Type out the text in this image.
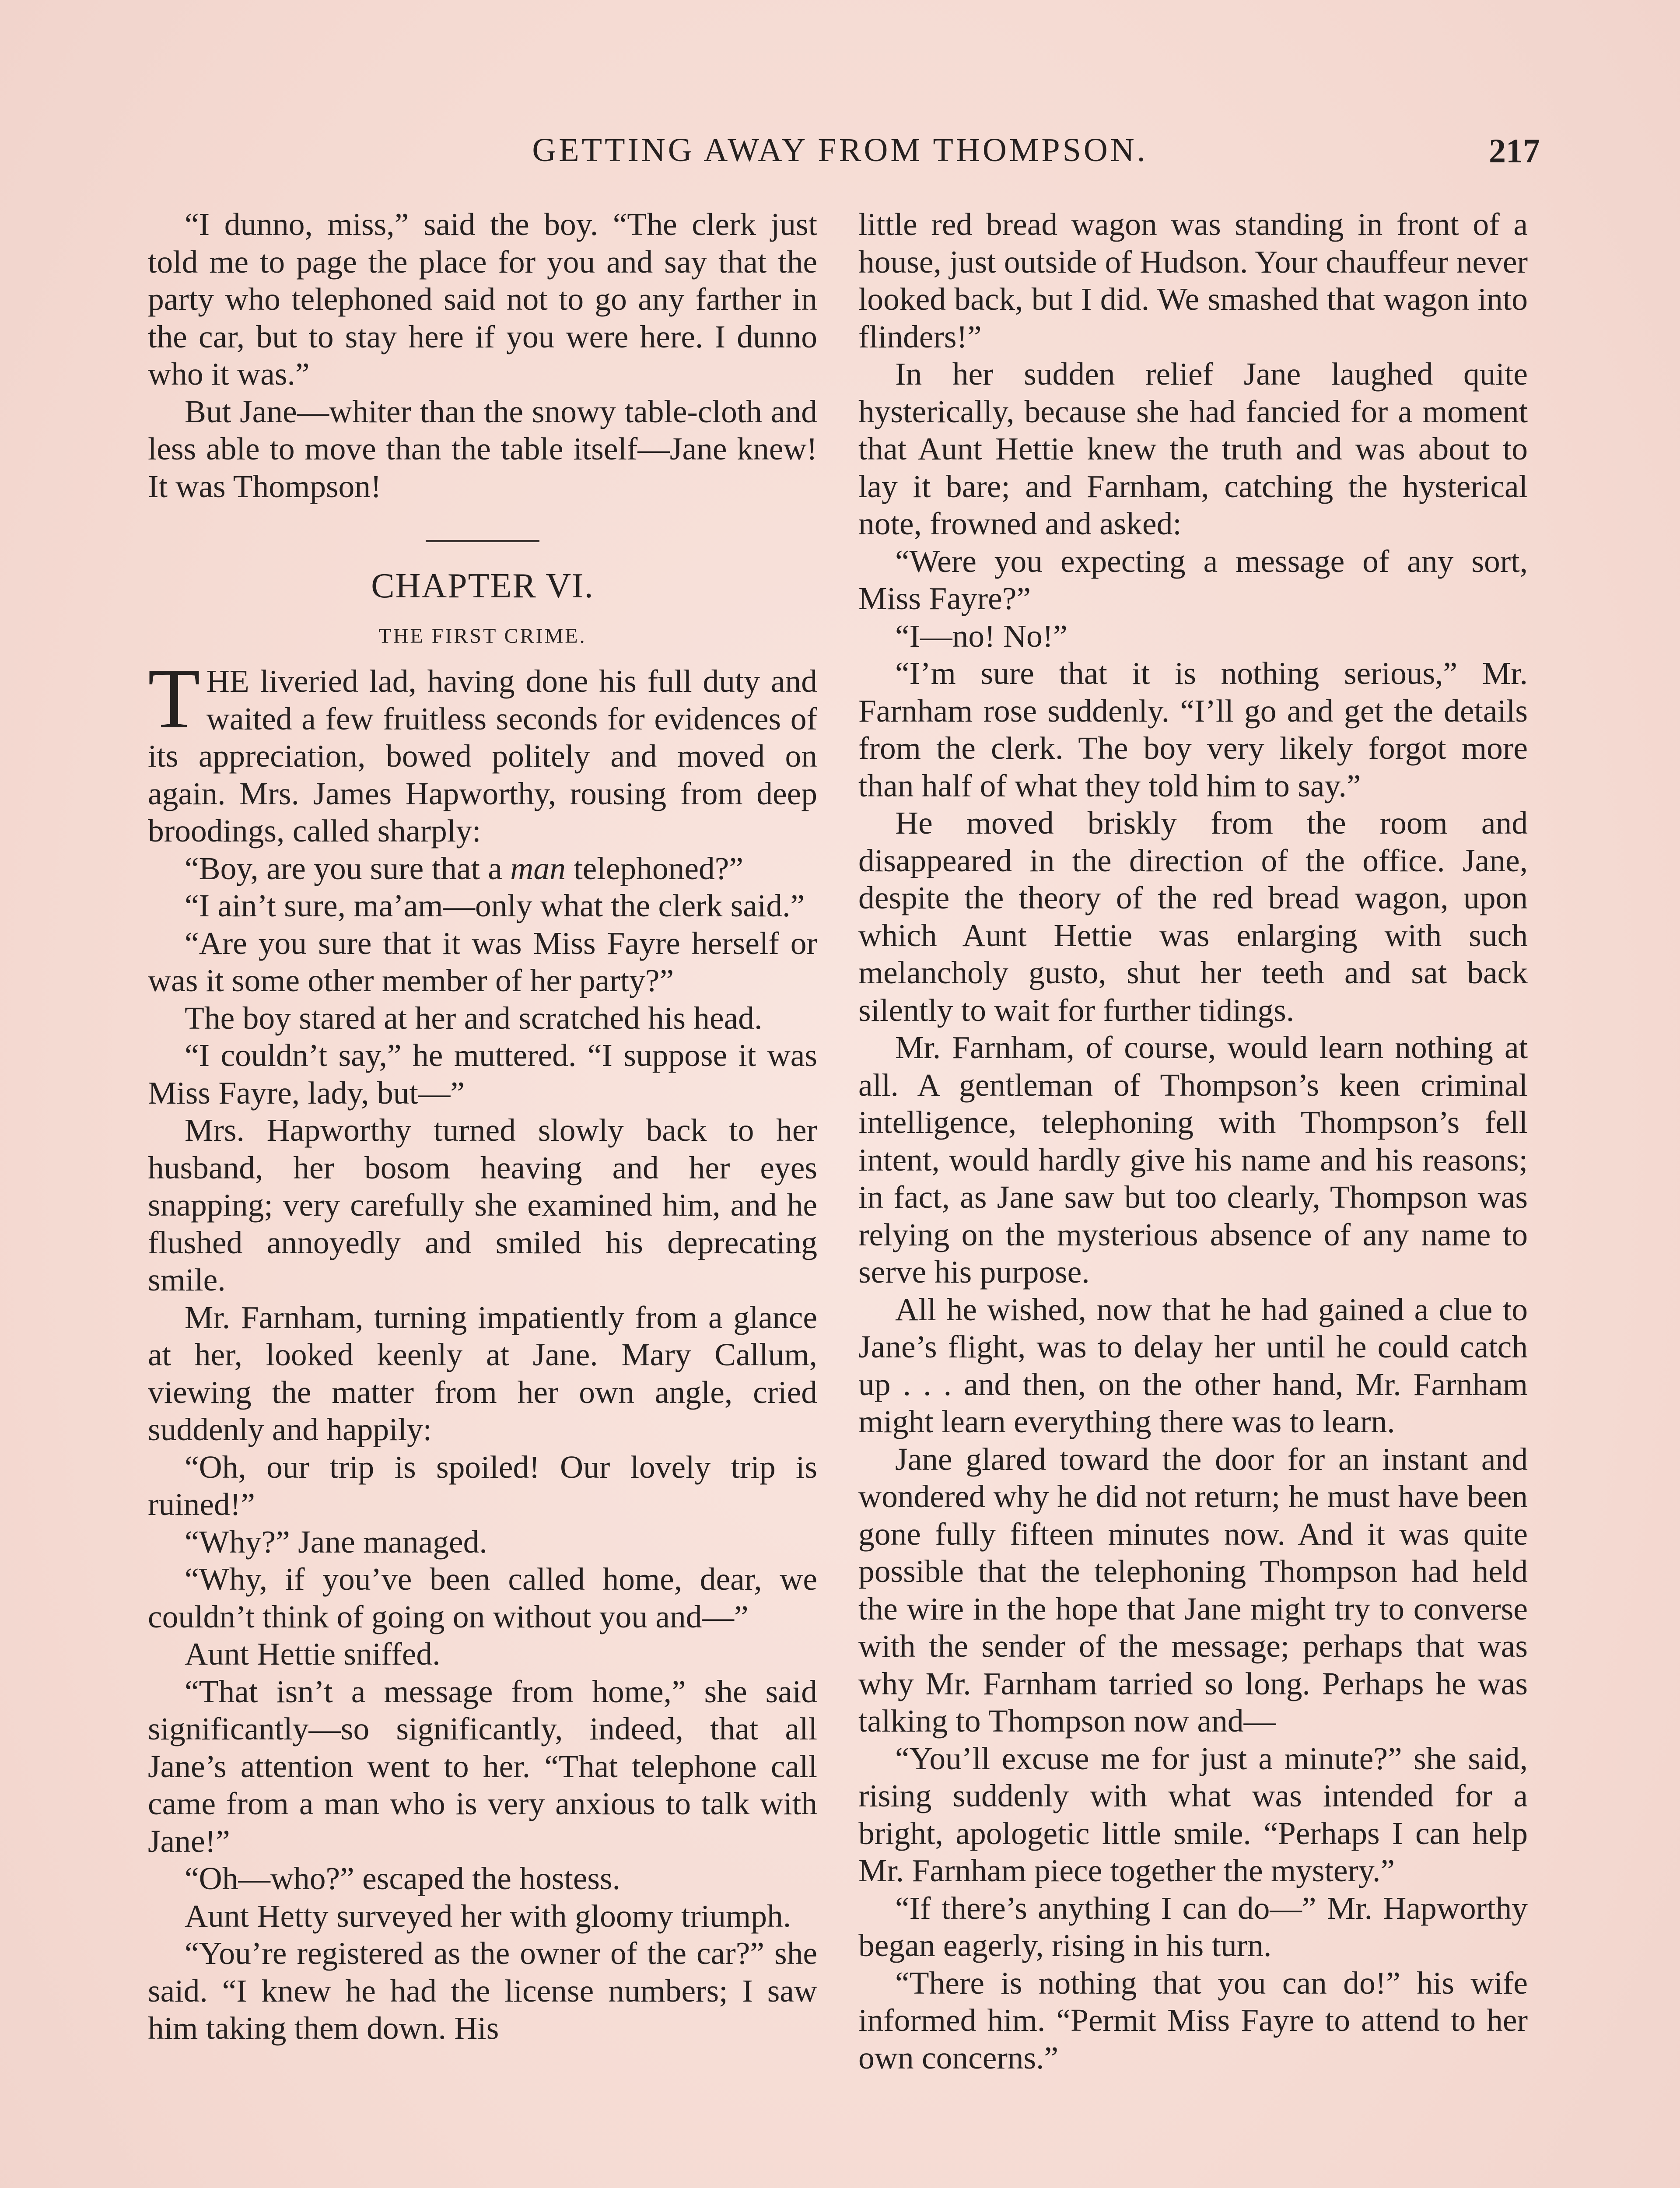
GETTING AWAY FROM THOMPSON.	217

“I dunno, miss,” said the boy. “The clerk just told me to page the place for you and say that the party who telephoned said not to go any farther in the car, but to stay here if you were here. I dunno who it was.”

But Jane—whiter than the snowy table-cloth and less able to move than the table itself—Jane knew! It was Thompson!

CHAPTER VI.
THE FIRST CRIME.

THE liveried lad, having done his full duty and waited a few fruitless seconds for evidences of its appreciation, bowed politely and moved on again. Mrs. James Hapworthy, rousing from deep broodings, called sharply:

“Boy, are you sure that a man telephoned?”

“I ain’t sure, ma’am—only what the clerk said.”

“Are you sure that it was Miss Fayre herself or was it some other member of her party?”

The boy stared at her and scratched his head.

“I couldn’t say,” he muttered. “I suppose it was Miss Fayre, lady, but—”

Mrs. Hapworthy turned slowly back to her husband, her bosom heaving and her eyes snapping; very carefully she examined him, and he flushed annoyedly and smiled his deprecating smile.

Mr. Farnham, turning impatiently from a glance at her, looked keenly at Jane. Mary Callum, viewing the matter from her own angle, cried suddenly and happily:

“Oh, our trip is spoiled! Our lovely trip is ruined!”

“Why?” Jane managed.

“Why, if you’ve been called home, dear, we couldn’t think of going on without you and—”

Aunt Hettie sniffed.

“That isn’t a message from home,” she said significantly—so significantly, indeed, that all Jane’s attention went to her. “That telephone call came from a man who is very anxious to talk with Jane!”

“Oh—who?” escaped the hostess.

Aunt Hetty surveyed her with gloomy triumph.

“You’re registered as the owner of the car?” she said. “I knew he had the license numbers; I saw him taking them down. His

little red bread wagon was standing in front of a house, just outside of Hudson. Your chauffeur never looked back, but I did. We smashed that wagon into flinders!”

In her sudden relief Jane laughed quite hysterically, because she had fancied for a moment that Aunt Hettie knew the truth and was about to lay it bare; and Farnham, catching the hysterical note, frowned and asked:

“Were you expecting a message of any sort, Miss Fayre?”

“I—no! No!”

“I’m sure that it is nothing serious,” Mr. Farnham rose suddenly. “I’ll go and get the details from the clerk. The boy very likely forgot more than half of what they told him to say.”

He moved briskly from the room and disappeared in the direction of the office. Jane, despite the theory of the red bread wagon, upon which Aunt Hettie was enlarging with such melancholy gusto, shut her teeth and sat back silently to wait for further tidings.

Mr. Farnham, of course, would learn nothing at all. A gentleman of Thompson’s keen criminal intelligence, telephoning with Thompson’s fell intent, would hardly give his name and his reasons; in fact, as Jane saw but too clearly, Thompson was relying on the mysterious absence of any name to serve his purpose.

All he wished, now that he had gained a clue to Jane’s flight, was to delay her until he could catch up . . . and then, on the other hand, Mr. Farnham might learn everything there was to learn.

Jane glared toward the door for an instant and wondered why he did not return; he must have been gone fully fifteen minutes now. And it was quite possible that the telephoning Thompson had held the wire in the hope that Jane might try to converse with the sender of the message; perhaps that was why Mr. Farnham tarried so long. Perhaps he was talking to Thompson now and—

“You’ll excuse me for just a minute?” she said, rising suddenly with what was intended for a bright, apologetic little smile. “Perhaps I can help Mr. Farnham piece together the mystery.”

“If there’s anything I can do—” Mr. Hapworthy began eagerly, rising in his turn.

“There is nothing that you can do!” his wife informed him. “Permit Miss Fayre to attend to her own concerns.”
